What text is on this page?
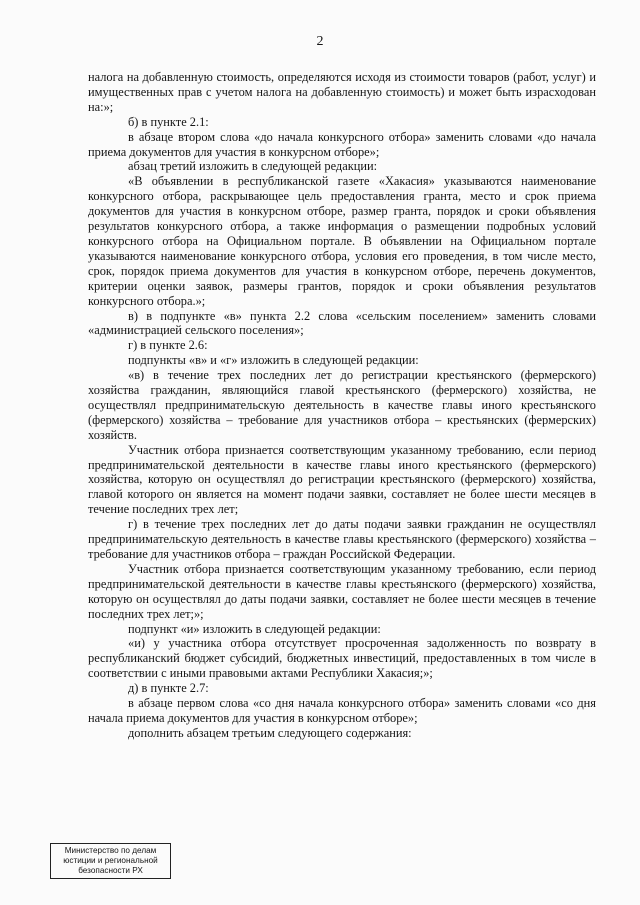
2

налога на добавленную стоимость, определяются исходя из стоимости товаров (работ, услуг) и имущественных прав с учетом налога на добавленную стоимость) и может быть израсходован на:»;

б) в пункте 2.1:

в абзаце втором слова «до начала конкурсного отбора» заменить словами «до начала приема документов для участия в конкурсном отборе»;

абзац третий изложить в следующей редакции:

«В объявлении в республиканской газете «Хакасия» указываются наименование конкурсного отбора, раскрывающее цель предоставления гранта, место и срок приема документов для участия в конкурсном отборе, размер гранта, порядок и сроки объявления результатов конкурсного отбора, а также информация о размещении подробных условий конкурсного отбора на Официальном портале. В объявлении на Официальном портале указываются наименование конкурсного отбора, условия его проведения, в том числе место, срок, порядок приема документов для участия в конкурсном отборе, перечень документов, критерии оценки заявок, размеры грантов, порядок и сроки объявления результатов конкурсного отбора.»;

в) в подпункте «в» пункта 2.2 слова «сельским поселением» заменить словами «администрацией сельского поселения»;

г) в пункте 2.6:

подпункты «в» и «г» изложить в следующей редакции:

«в) в течение трех последних лет до регистрации крестьянского (фермерского) хозяйства гражданин, являющийся главой крестьянского (фермерского) хозяйства, не осуществлял предпринимательскую деятельность в качестве главы иного крестьянского (фермерского) хозяйства – требование для участников отбора – крестьянских (фермерских) хозяйств.

Участник отбора признается соответствующим указанному требованию, если период предпринимательской деятельности в качестве главы иного крестьянского (фермерского) хозяйства, которую он осуществлял до регистрации крестьянского (фермерского) хозяйства, главой которого он является на момент подачи заявки, составляет не более шести месяцев в течение последних трех лет;

г) в течение трех последних лет до даты подачи заявки гражданин не осуществлял предпринимательскую деятельность в качестве главы крестьянского (фермерского) хозяйства – требование для участников отбора – граждан Российской Федерации.

Участник отбора признается соответствующим указанному требованию, если период предпринимательской деятельности в качестве главы крестьянского (фермерского) хозяйства, которую он осуществлял до даты подачи заявки, составляет не более шести месяцев в течение последних трех лет;»;

подпункт «и» изложить в следующей редакции:

«и) у участника отбора отсутствует просроченная задолженность по возврату в республиканский бюджет субсидий, бюджетных инвестиций, предоставленных в том числе в соответствии с иными правовыми актами Республики Хакасия;»;

д) в пункте 2.7:

в абзаце первом слова «со дня начала конкурсного отбора» заменить словами «со дня начала приема документов для участия в конкурсном отборе»;

дополнить абзацем третьим следующего содержания:

Министерство по делам
юстиции и региональной
безопасности РХ
